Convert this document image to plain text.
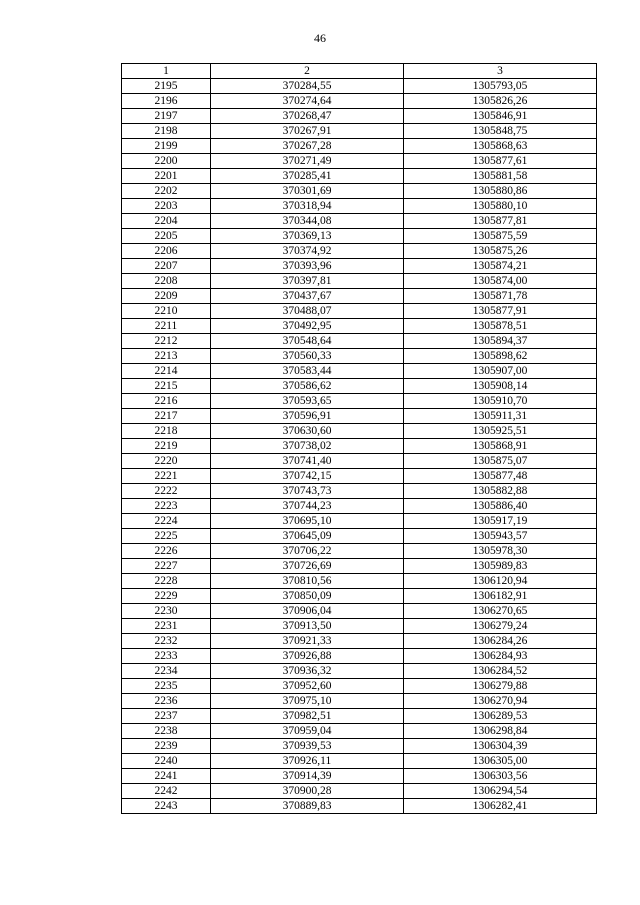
46
1	2	3
2195	370284,55	1305793,05
2196	370274,64	1305826,26
2197	370268,47	1305846,91
2198	370267,91	1305848,75
2199	370267,28	1305868,63
2200	370271,49	1305877,61
2201	370285,41	1305881,58
2202	370301,69	1305880,86
2203	370318,94	1305880,10
2204	370344,08	1305877,81
2205	370369,13	1305875,59
2206	370374,92	1305875,26
2207	370393,96	1305874,21
2208	370397,81	1305874,00
2209	370437,67	1305871,78
2210	370488,07	1305877,91
2211	370492,95	1305878,51
2212	370548,64	1305894,37
2213	370560,33	1305898,62
2214	370583,44	1305907,00
2215	370586,62	1305908,14
2216	370593,65	1305910,70
2217	370596,91	1305911,31
2218	370630,60	1305925,51
2219	370738,02	1305868,91
2220	370741,40	1305875,07
2221	370742,15	1305877,48
2222	370743,73	1305882,88
2223	370744,23	1305886,40
2224	370695,10	1305917,19
2225	370645,09	1305943,57
2226	370706,22	1305978,30
2227	370726,69	1305989,83
2228	370810,56	1306120,94
2229	370850,09	1306182,91
2230	370906,04	1306270,65
2231	370913,50	1306279,24
2232	370921,33	1306284,26
2233	370926,88	1306284,93
2234	370936,32	1306284,52
2235	370952,60	1306279,88
2236	370975,10	1306270,94
2237	370982,51	1306289,53
2238	370959,04	1306298,84
2239	370939,53	1306304,39
2240	370926,11	1306305,00
2241	370914,39	1306303,56
2242	370900,28	1306294,54
2243	370889,83	1306282,41
